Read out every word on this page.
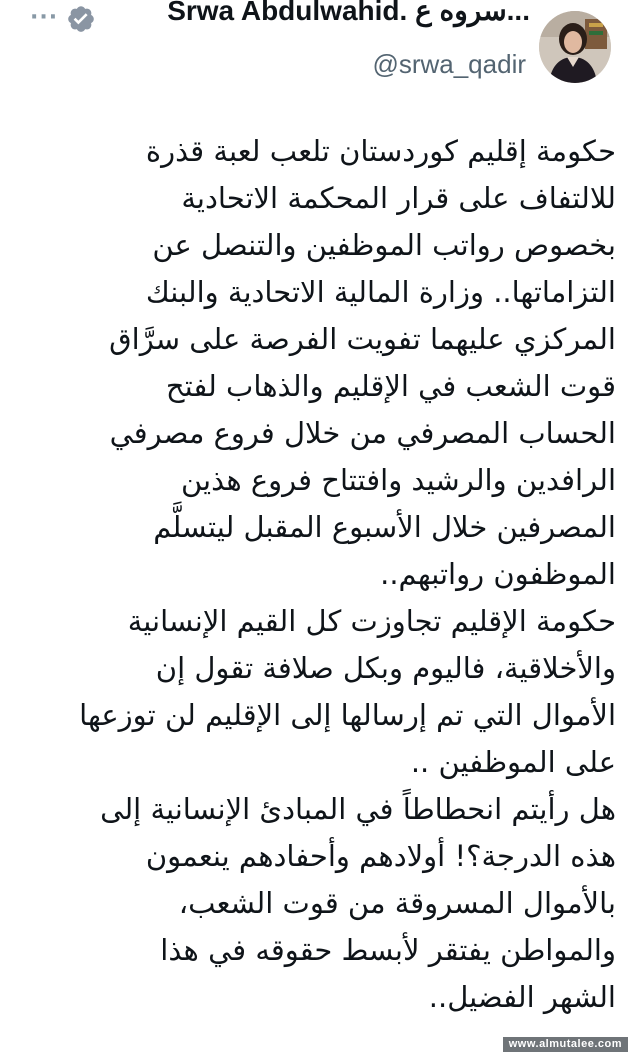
···	Srwa Abdulwahid. سروه ع...
@srwa_qadir
حكومة إقليم كوردستان تلعب لعبة قذرة
للالتفاف على قرار المحكمة الاتحادية
بخصوص رواتب الموظفين والتنصل عن
التزاماتها.. وزارة المالية الاتحادية والبنك
المركزي عليهما تفويت الفرصة على سرَّاق
قوت الشعب في الإقليم والذهاب لفتح
الحساب المصرفي من خلال فروع مصرفي
الرافدين والرشيد وافتتاح فروع هذين
المصرفين خلال الأسبوع المقبل ليتسلَّم
الموظفون رواتبهم..
حكومة الإقليم تجاوزت كل القيم الإنسانية
والأخلاقية، فاليوم وبكل صلافة تقول إن
الأموال التي تم إرسالها إلى الإقليم لن توزعها
على الموظفين ..
هل رأيتم انحطاطاً في المبادئ الإنسانية إلى
هذه الدرجة؟! أولادهم وأحفادهم ينعمون
بالأموال المسروقة من قوت الشعب،
والمواطن يفتقر لأبسط حقوقه في هذا
الشهر الفضيل..
www.almutalee.com
